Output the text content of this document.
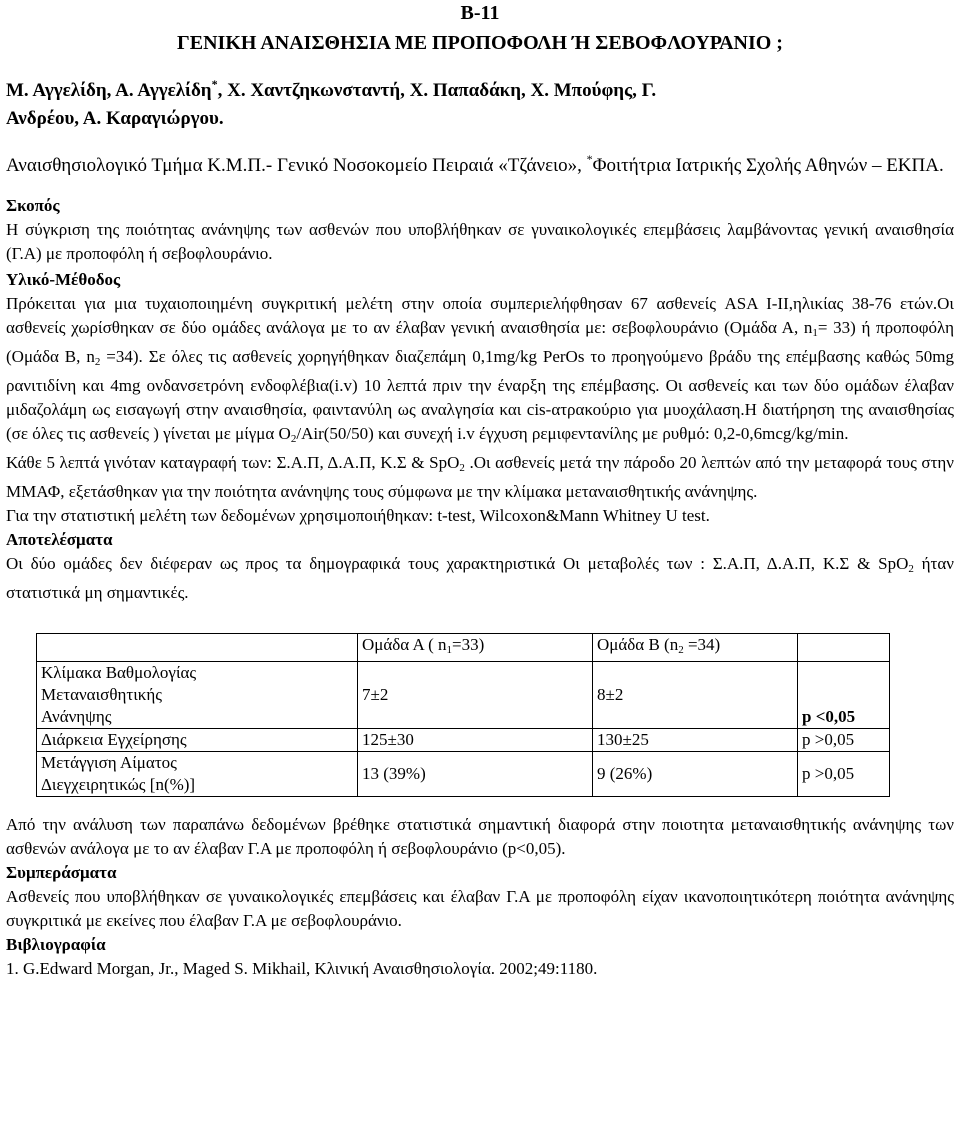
B-11
ΓΕΝΙΚΗ ΑΝΑΙΣΘΗΣΙΑ ΜΕ ΠΡΟΠΟΦΟΛΗ Ή ΣΕΒΟΦΛΟΥΡΑΝΙΟ ;
Μ. Αγγελίδη, Α. Αγγελίδη*, Χ. Χαντζηκωνσταντή, Χ. Παπαδάκη, Χ. Μπούφης, Γ.
Ανδρέου, Α. Καραγιώργου.
Αναισθησιολογικό Τμήμα Κ.Μ.Π.- Γενικό Νοσοκομείο Πειραιά «Τζάνειο», *Φοιτήτρια Ιατρικής Σχολής Αθηνών – ΕΚΠΑ.
Σκοπός
Η σύγκριση της ποιότητας ανάνηψης των ασθενών που υποβλήθηκαν σε γυναικολογικές επεμβάσεις λαμβάνοντας γενική αναισθησία (Γ.Α) με προποφόλη ή σεβοφλουράνιο.
Υλικό-Μέθοδος
Πρόκειται για μια τυχαιοποιημένη συγκριτική μελέτη στην οποία συμπεριελήφθησαν 67 ασθενείς ASA I-II,ηλικίας 38-76 ετών.Οι ασθενείς χωρίσθηκαν σε δύο ομάδες ανάλογα με το αν έλαβαν γενική αναισθησία με: σεβοφλουράνιο (Ομάδα Α, $n_1= 33$) ή προποφόλη (Ομάδα Β, $n_2 =34$). Σε όλες τις ασθενείς χορηγήθηκαν διαζεπάμη 0,1mg/kg PerOs το προηγούμενο βράδυ της επέμβασης καθώς 50mg ρανιτιδίνη και 4mg ονδανσετρόνη ενδοφλέβια(i.v) 10 λεπτά πριν την έναρξη της επέμβασης. Οι ασθενείς και των δύο ομάδων έλαβαν μιδαζολάμη ως εισαγωγή στην αναισθησία, φαιντανύλη ως αναλγησία και cis-ατρακούριο για μυοχάλαση.Η διατήρηση της αναισθησίας (σε όλες τις ασθενείς ) γίνεται με μίγμα $O_2/Air(50/50)$ και συνεχή i.v έγχυση ρεμιφεντανίλης με ρυθμό: 0,2-0,6mcg/kg/min.
Κάθε 5 λεπτά γινόταν καταγραφή των: Σ.Α.Π, Δ.Α.Π, Κ.Σ & SpO$_2$ .Οι ασθενείς μετά την πάροδο 20 λεπτών από την μεταφορά τους στην ΜΜΑΦ, εξετάσθηκαν για την ποιότητα ανάνηψης τους σύμφωνα με την κλίμακα μεταναισθητικής ανάνηψης.
Για την στατιστική μελέτη των δεδομένων χρησιμοποιήθηκαν: t-test, Wilcoxon&Mann Whitney U test.
Αποτελέσματα
Οι δύο ομάδες δεν διέφεραν ως προς τα δημογραφικά τους χαρακτηριστικά Οι μεταβολές των : Σ.Α.Π, Δ.Α.Π, Κ.Σ & SpO$_2$ ήταν στατιστικά μη σημαντικές.
	Ομάδα Α ( $n_1=33$)	Ομάδα Β $(n_2 =34)$	
Κλίμακα Βαθμολογίας
Μεταναισθητικής
Ανάνηψης	7±2	8±2	p <0,05
Διάρκεια Εγχείρησης	125±30	130±25	p >0,05
Μετάγγιση Αίματος
Διεγχειρητικώς [n(%)]	13 (39%)	9 (26%)	p >0,05
Από την ανάλυση των παραπάνω δεδομένων βρέθηκε στατιστικά σημαντική διαφορά στην ποιοτητα μεταναισθητικής ανάνηψης των ασθενών ανάλογα με το αν έλαβαν Γ.Α με προποφόλη ή σεβοφλουράνιο (p<0,05).
Συμπεράσματα
Ασθενείς που υποβλήθηκαν σε γυναικολογικές επεμβάσεις και έλαβαν Γ.Α με προποφόλη είχαν ικανοποιητικότερη ποιότητα ανάνηψης συγκριτικά με εκείνες που έλαβαν Γ.Α με σεβοφλουράνιο.
Βιβλιογραφία
1. G.Edward Morgan, Jr., Maged S. Mikhail, Κλινική Αναισθησιολογία. 2002;49:1180.
